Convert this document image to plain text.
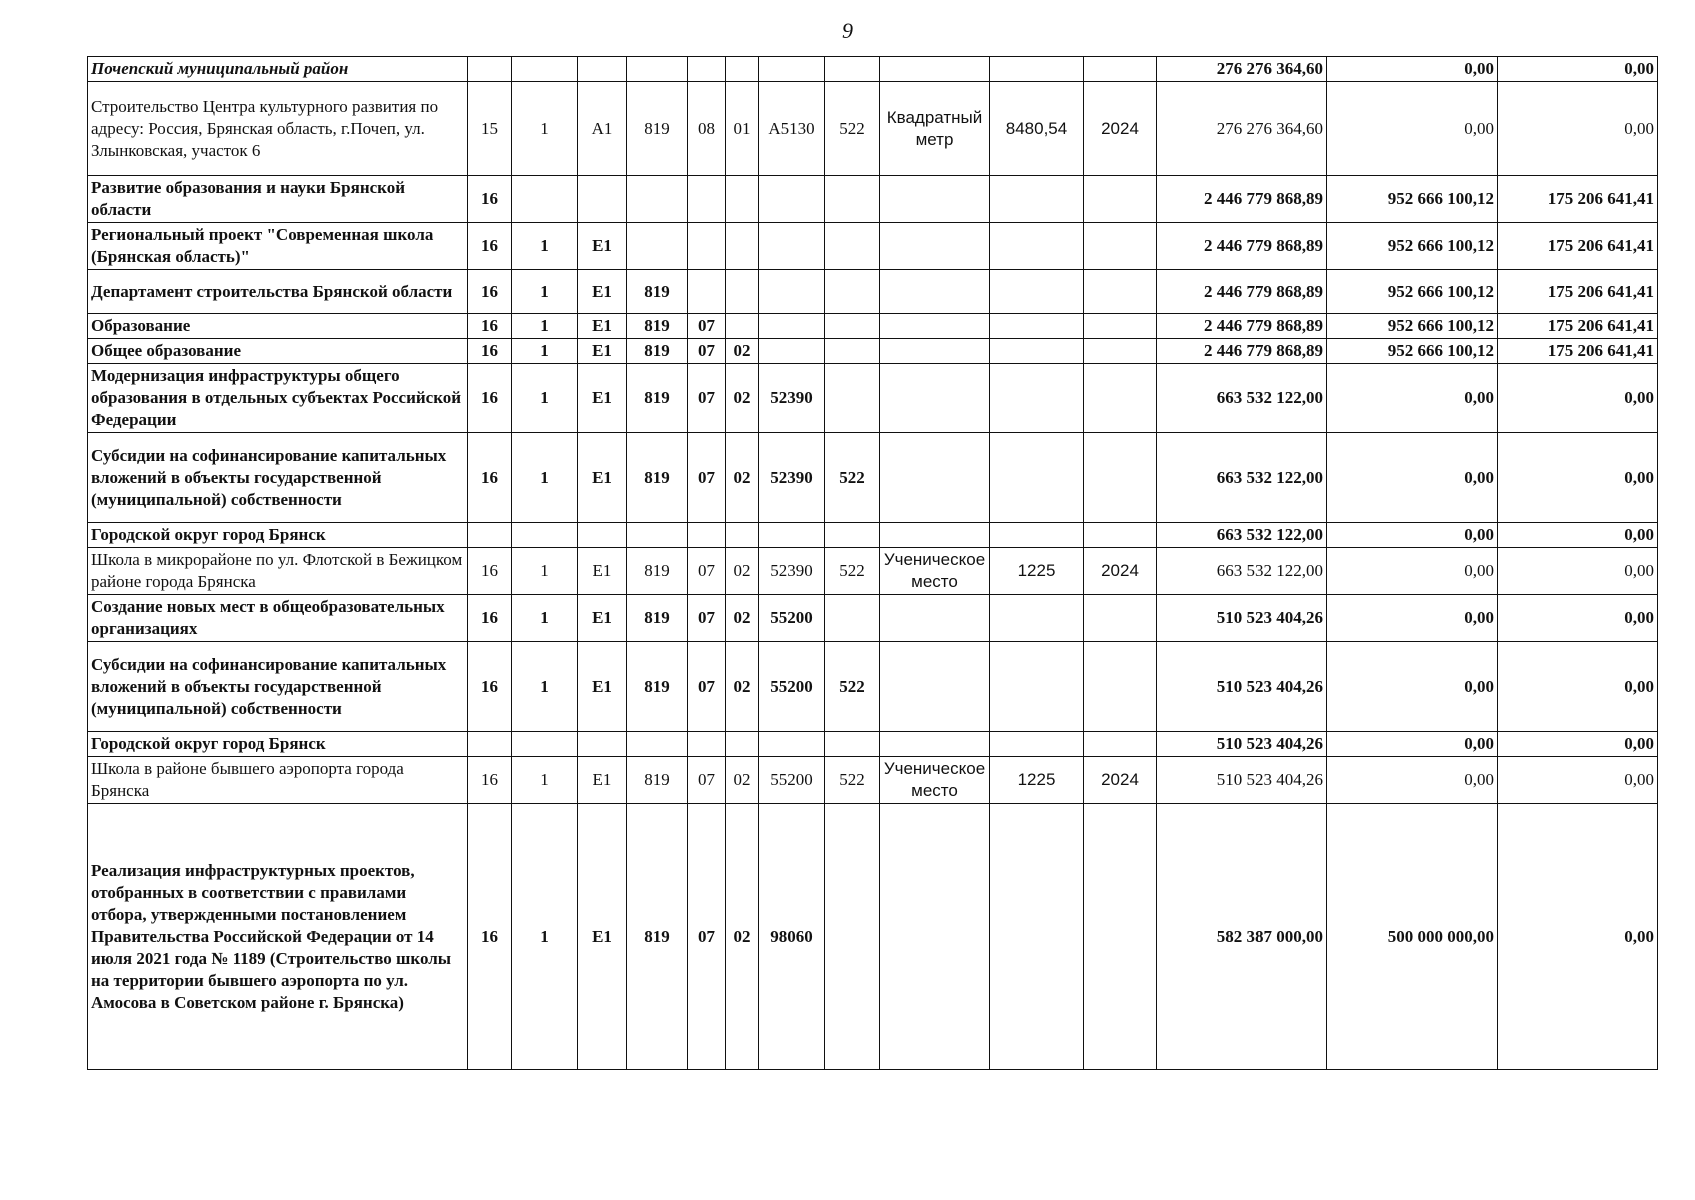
9
Почепский муниципальный район												276 276 364,60	0,00	0,00
Строительство Центра культурного развития по адресу: Россия, Брянская область, г.Почеп, ул. Злынковская, участок 6	15	1	A1	819	08	01	A5130	522	Квадратный метр	8480,54	2024	276 276 364,60	0,00	0,00
Развитие образования и науки Брянской области	16											2 446 779 868,89	952 666 100,12	175 206 641,41
Региональный проект "Современная школа (Брянская область)"	16	1	E1									2 446 779 868,89	952 666 100,12	175 206 641,41
Департамент строительства Брянской области	16	1	E1	819								2 446 779 868,89	952 666 100,12	175 206 641,41
Образование	16	1	E1	819	07							2 446 779 868,89	952 666 100,12	175 206 641,41
Общее образование	16	1	E1	819	07	02						2 446 779 868,89	952 666 100,12	175 206 641,41
Модернизация инфраструктуры общего образования в отдельных субъектах Российской Федерации	16	1	E1	819	07	02	52390					663 532 122,00	0,00	0,00
Субсидии на софинансирование капитальных вложений в объекты государственной (муниципальной) собственности	16	1	E1	819	07	02	52390	522				663 532 122,00	0,00	0,00
Городской округ город Брянск												663 532 122,00	0,00	0,00
Школа в микрорайоне по ул. Флотской в Бежицком районе города Брянска	16	1	E1	819	07	02	52390	522	Ученическое место	1225	2024	663 532 122,00	0,00	0,00
Создание новых мест в общеобразовательных организациях	16	1	E1	819	07	02	55200					510 523 404,26	0,00	0,00
Субсидии на софинансирование капитальных вложений в объекты государственной (муниципальной) собственности	16	1	E1	819	07	02	55200	522				510 523 404,26	0,00	0,00
Городской округ город Брянск												510 523 404,26	0,00	0,00
Школа в районе бывшего аэропорта города Брянска	16	1	E1	819	07	02	55200	522	Ученическое место	1225	2024	510 523 404,26	0,00	0,00
Реализация инфраструктурных проектов, отобранных в соответствии с правилами отбора, утвержденными постановлением Правительства Российской Федерации от 14 июля 2021 года № 1189 (Строительство школы на территории бывшего аэропорта по ул. Амосова в Советском районе г. Брянска)	16	1	E1	819	07	02	98060					582 387 000,00	500 000 000,00	0,00
